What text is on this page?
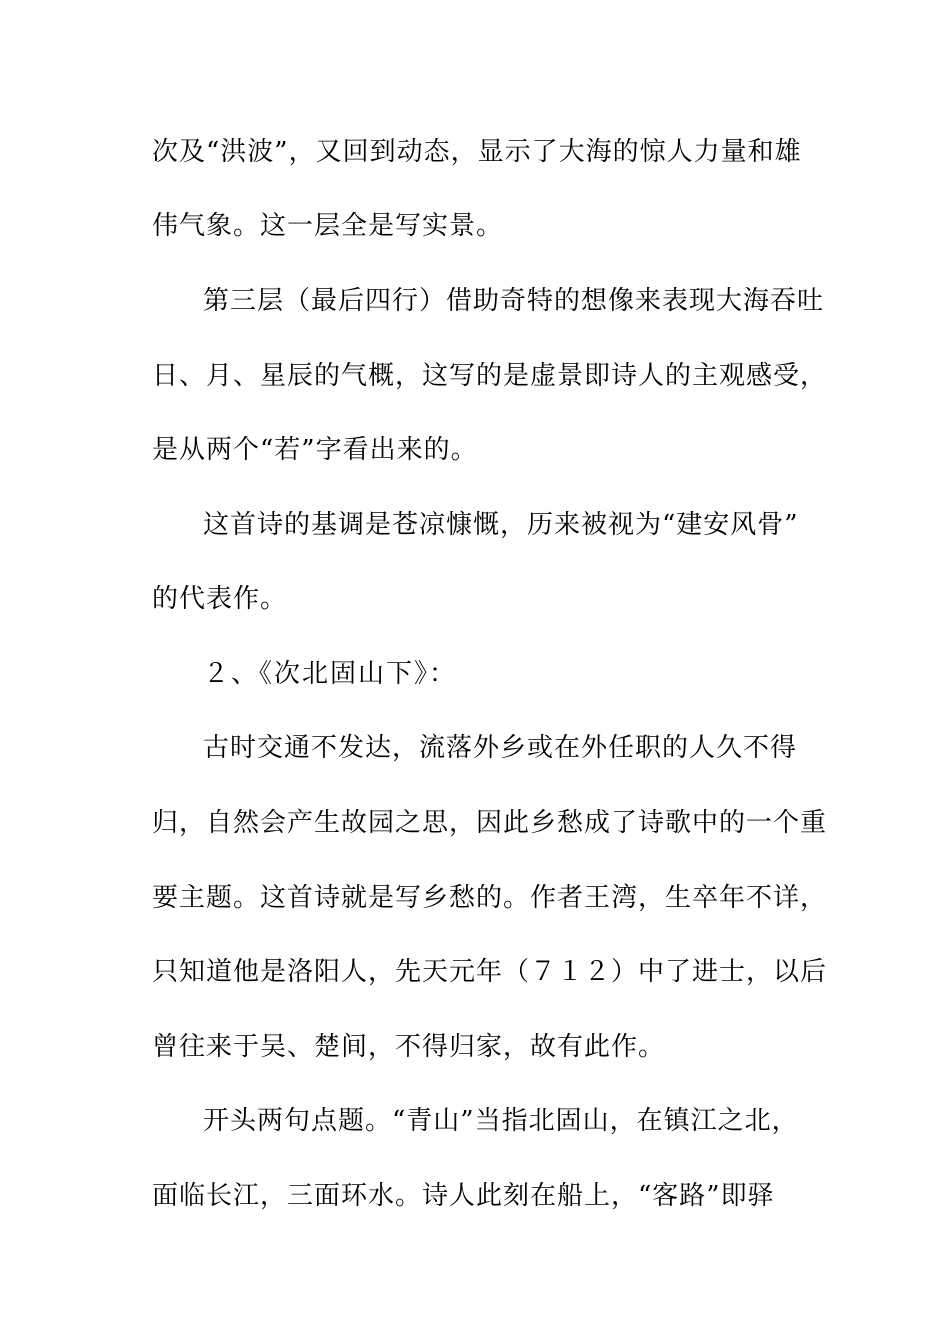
次及“洪波”，又回到动态，显示了大海的惊人力量和雄
伟气象。这一层全是写实景。
第三层（最后四行）借助奇特的想像来表现大海吞吐
日、月、星辰的气概，这写的是虚景即诗人的主观感受，
是从两个“若”字看出来的。
这首诗的基调是苍凉慷慨，历来被视为“建安风骨”
的代表作。
２、《次北固山下》：
古时交通不发达，流落外乡或在外任职的人久不得
归，自然会产生故园之思，因此乡愁成了诗歌中的一个重
要主题。这首诗就是写乡愁的。作者王湾，生卒年不详，
只知道他是洛阳人，先天元年（７１２）中了进士，以后
曾往来于吴、楚间，不得归家，故有此作。
开头两句点题。“青山”当指北固山，在镇江之北，
面临长江，三面环水。诗人此刻在船上，“客路”即驿
